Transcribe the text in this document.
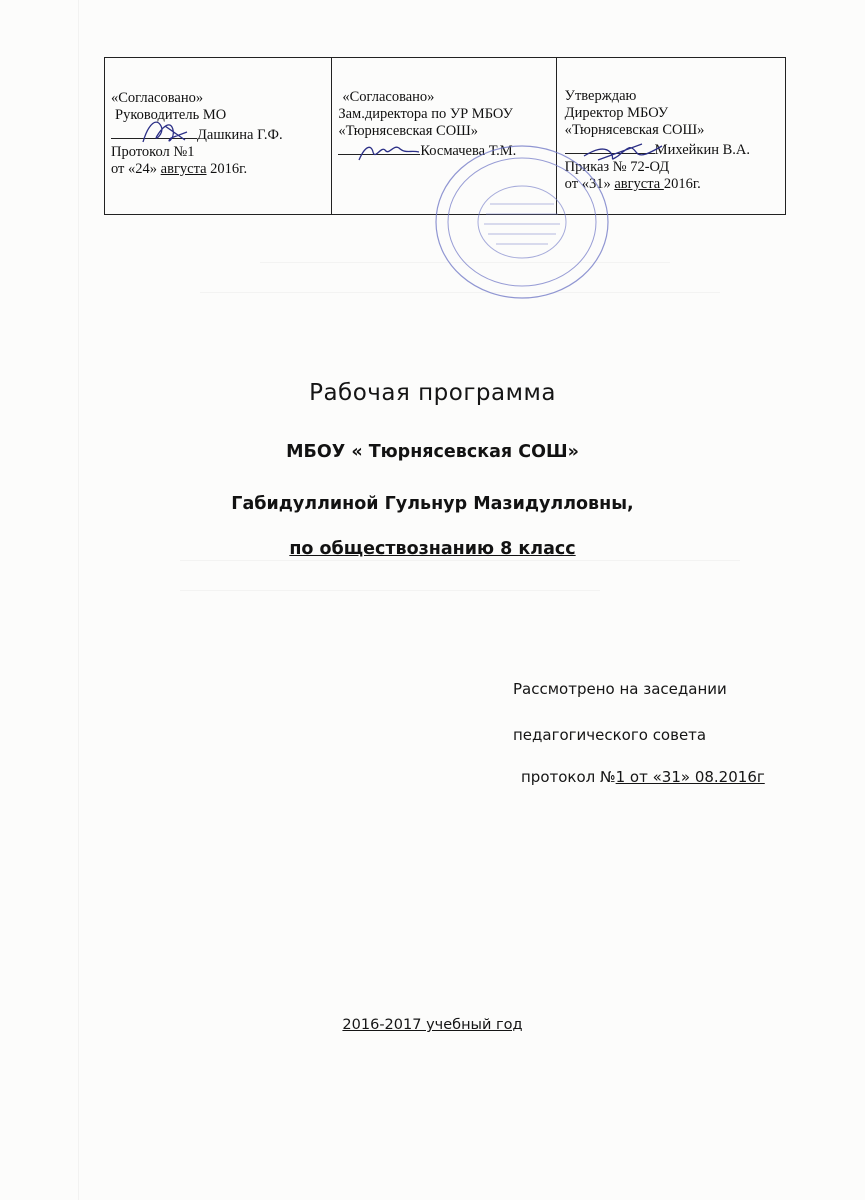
«Согласовано»
Руководитель МО
Дашкина Г.Ф.
Протокол №1
от «24» августа 2016г.
«Согласовано»
Зам.директора по УР МБОУ
«Тюрнясевская СОШ»
Космачева Т.М.
Утверждаю
Директор МБОУ
«Тюрнясевская СОШ»
Михейкин В.А.
Приказ № 72-ОД
от «31» августа 2016г.
Рабочая программа
МБОУ « Тюрнясевская СОШ»
Габидуллиной Гульнур Мазидулловны,
по обществознанию 8 класс
Рассмотрено на заседании
педагогического совета
протокол №1 от «31» 08.2016г
2016-2017 учебный год
